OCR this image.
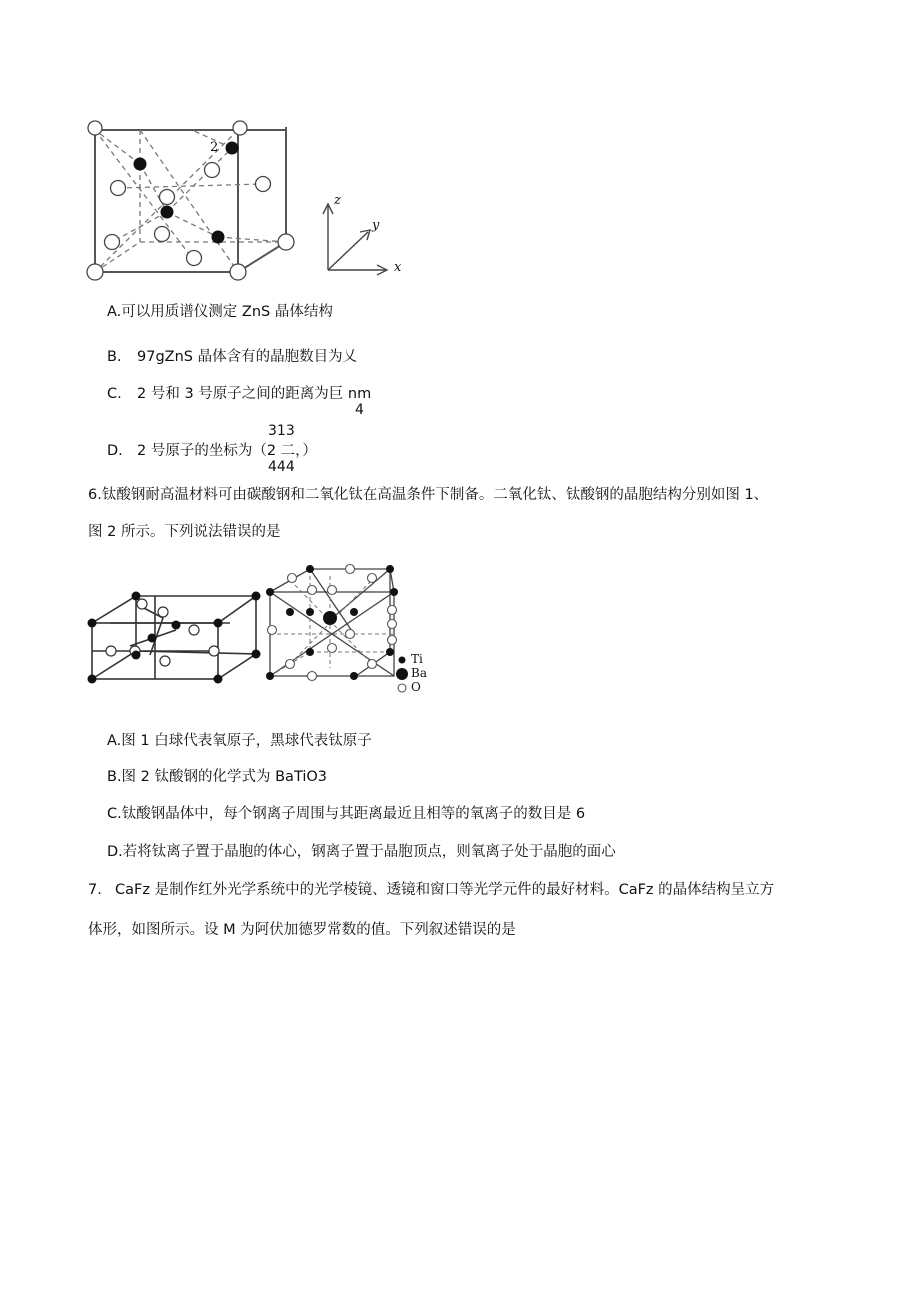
2
z
y
x
A.可以用质谱仪测定 ZnS 晶体结构
B. 97gZnS 晶体含有的晶胞数目为乂
C. 2 号和 3 号原子之间的距离为巨 nm
4
313
D. 2 号原子的坐标为（2 二，）
444
6.钛酸钢耐高温材料可由碳酸钢和二氧化钛在高温条件下制备。二氧化钛、钛酸钢的晶胞结构分别如图 1、
图 2 所示。下列说法错误的是
Ti
Ba
O
A.图 1 白球代表氧原子，黑球代表钛原子
B.图 2 钛酸钢的化学式为 BaTiO3
C.钛酸钢晶体中，每个钢离子周围与其距离最近且相等的氧离子的数目是 6
D.若将钛离子置于晶胞的体心，钢离子置于晶胞顶点，则氧离子处于晶胞的面心
7. CaFz 是制作红外光学系统中的光学棱镜、透镜和窗口等光学元件的最好材料。CaFz 的晶体结构呈立方
体形，如图所示。设 M 为阿伏加德罗常数的值。下列叙述错误的是
